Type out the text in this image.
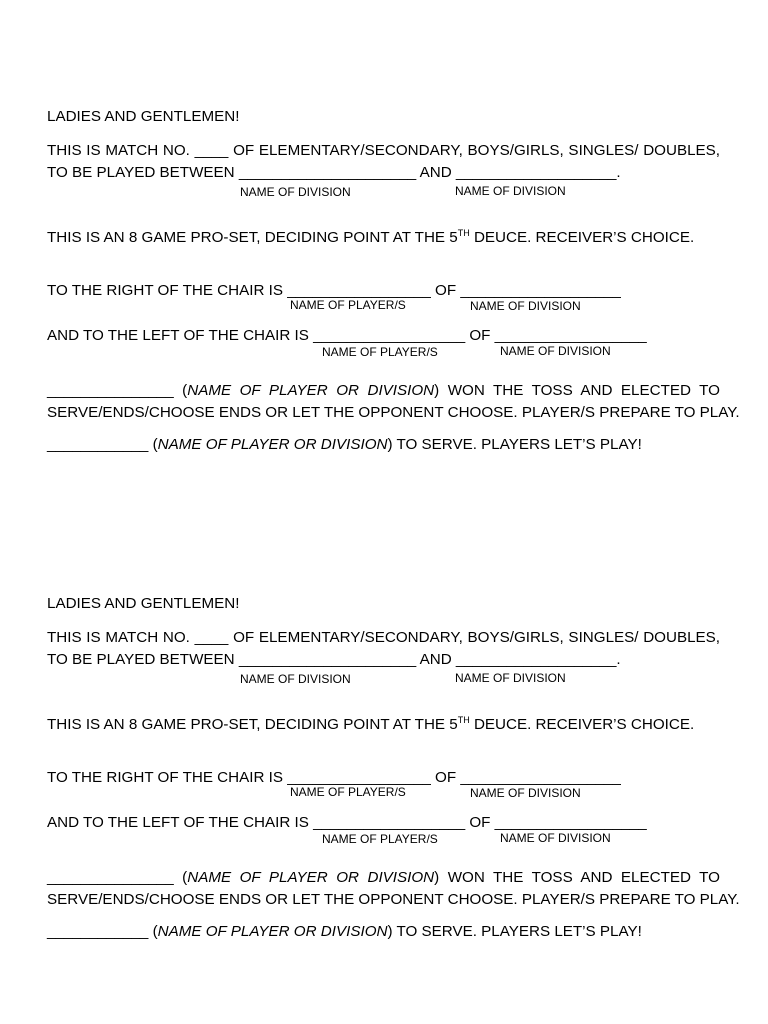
LADIES AND GENTLEMEN!
THIS IS MATCH NO. ____ OF ELEMENTARY/SECONDARY, BOYS/GIRLS, SINGLES/ DOUBLES,
TO BE PLAYED BETWEEN _____________________ AND ___________________.
NAME OF DIVISION	NAME OF DIVISION
THIS IS AN 8 GAME PRO-SET, DECIDING POINT AT THE 5TH DEUCE. RECEIVER’S CHOICE.
TO THE RIGHT OF THE CHAIR IS _________________ OF ___________________
NAME OF PLAYER/S	NAME OF DIVISION
AND TO THE LEFT OF THE CHAIR IS __________________ OF __________________
NAME OF PLAYER/S	NAME OF DIVISION
_______________ (NAME OF PLAYER OR DIVISION) WON THE TOSS AND ELECTED TO
SERVE/ENDS/CHOOSE ENDS OR LET THE OPPONENT CHOOSE. PLAYER/S PREPARE TO PLAY.
____________ (NAME OF PLAYER OR DIVISION) TO SERVE. PLAYERS LET’S PLAY!
LADIES AND GENTLEMEN!
THIS IS MATCH NO. ____ OF ELEMENTARY/SECONDARY, BOYS/GIRLS, SINGLES/ DOUBLES,
TO BE PLAYED BETWEEN _____________________ AND ___________________.
NAME OF DIVISION	NAME OF DIVISION
THIS IS AN 8 GAME PRO-SET, DECIDING POINT AT THE 5TH DEUCE. RECEIVER’S CHOICE.
TO THE RIGHT OF THE CHAIR IS _________________ OF ___________________
NAME OF PLAYER/S	NAME OF DIVISION
AND TO THE LEFT OF THE CHAIR IS __________________ OF __________________
NAME OF PLAYER/S	NAME OF DIVISION
_______________ (NAME OF PLAYER OR DIVISION) WON THE TOSS AND ELECTED TO
SERVE/ENDS/CHOOSE ENDS OR LET THE OPPONENT CHOOSE. PLAYER/S PREPARE TO PLAY.
____________ (NAME OF PLAYER OR DIVISION) TO SERVE. PLAYERS LET’S PLAY!
